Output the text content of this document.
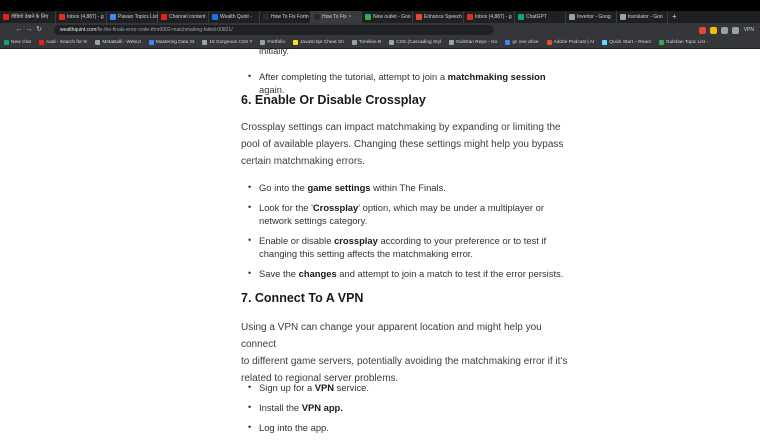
वीडियो देखने के लिए	Inbox (4,887) - g	Pawan Topics List Channel content	Wealth Quint -	How To Fix Fortn	How To Fix ×	New outlet - Goo	Enhance Speech	Inbox (4,887) - g	ChatGPT	Invertor - Goog	translator - Goo	+
← → ↻	wealthquint.com/fix-the-finals-error-code-tfmr0002-matchmaking-failed-00821/	VPN
New chat	Aadi - Search for th	MetaBalli - WebUI	Mastering Data St	15 Gorgeous CSS T	Portfolio	JavaScript Cheat Sh	Timeline B	CSS (Cascading Styl	Gulshan Repo - Go	gc one drive	Adobe Podcast | AI	Quick Start – React	Gulshan Topic List -

initially.

• After completing the tutorial, attempt to join a matchmaking session again.
6. Enable Or Disable Crossplay

Crossplay settings can impact matchmaking by expanding or limiting the
pool of available players. Changing these settings might help you bypass
certain matchmaking errors.

• Go into the game settings within The Finals.
• Look for the 'Crossplay' option, which may be under a multiplayer or
network settings category.
• Enable or disable crossplay according to your preference or to test if
changing this setting affects the matchmaking error.
• Save the changes and attempt to join a match to test if the error persists.
7. Connect To A VPN

Using a VPN can change your apparent location and might help you connect
to different game servers, potentially avoiding the matchmaking error if it's
related to regional server problems.

• Sign up for a VPN service.
• Install the VPN app.
• Log into the app.
